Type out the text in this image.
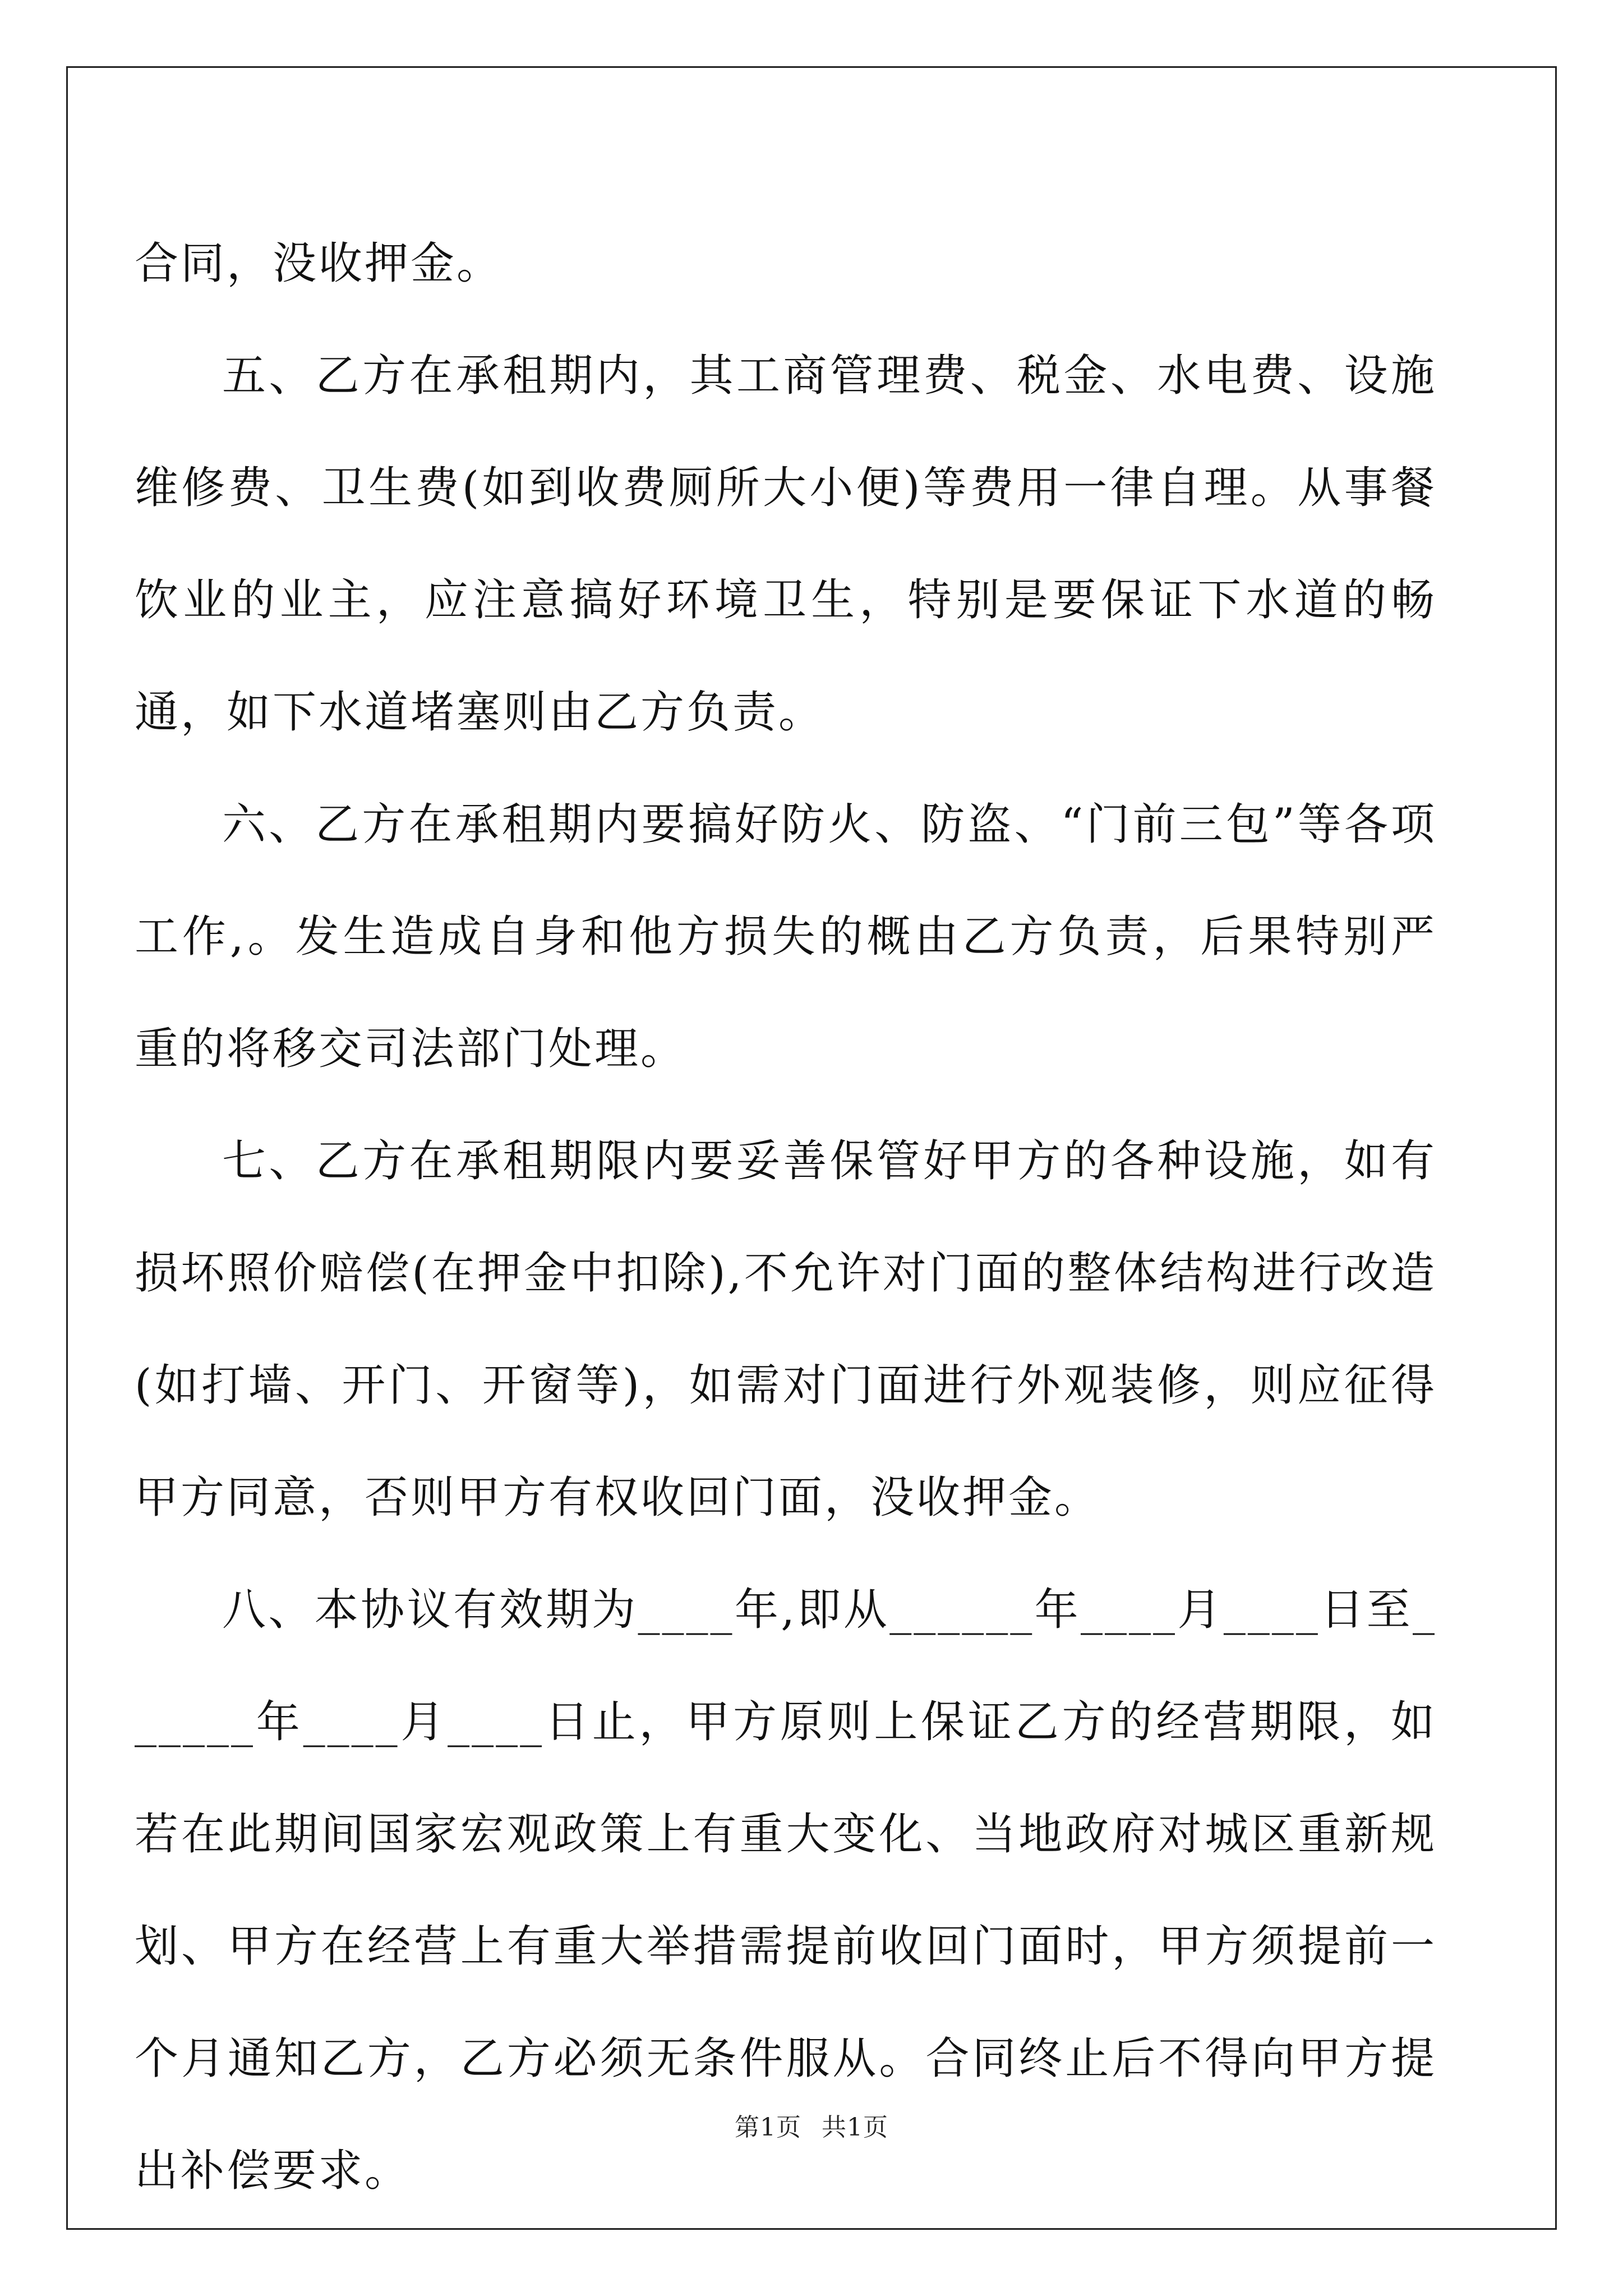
合同，没收押金。

五、乙方在承租期内，其工商管理费、税金、水电费、设施维修费、卫生费(如到收费厕所大小便)等费用一律自理。从事餐饮业的业主，应注意搞好环境卫生，特别是要保证下水道的畅通，如下水道堵塞则由乙方负责。

六、乙方在承租期内要搞好防火、防盗、“门前三包”等各项工作,。发生造成自身和他方损失的概由乙方负责，后果特别严重的将移交司法部门处理。

七、乙方在承租期限内要妥善保管好甲方的各种设施，如有损坏照价赔偿(在押金中扣除),不允许对门面的整体结构进行改造(如打墙、开门、开窗等)，如需对门面进行外观装修，则应征得甲方同意，否则甲方有权收回门面，没收押金。

八、本协议有效期为____年,即从______年____月____日至______年____月____日止，甲方原则上保证乙方的经营期限，如若在此期间国家宏观政策上有重大变化、当地政府对城区重新规划、甲方在经营上有重大举措需提前收回门面时，甲方须提前一个月通知乙方，乙方必须无条件服从。合同终止后不得向甲方提出补偿要求。

第1页 共1页
